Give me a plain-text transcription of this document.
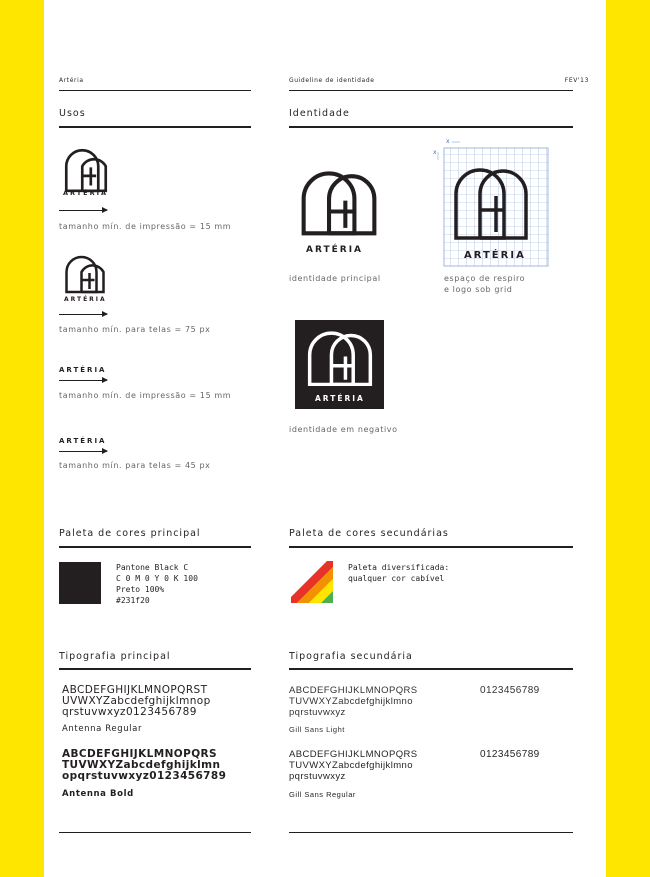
Artéria	Guideline de identidade	FEV'13
Usos
ARTÉRIA
tamanho mín. de impressão = 15 mm
ARTÉRIA
tamanho mín. para telas = 75 px
ARTÉRIA
tamanho mín. de impressão = 15 mm
ARTÉRIA
tamanho mín. para telas = 45 px
Identidade
ARTÉRIA
identidade principal
ARTÉRIA
x
x
espaço de respiro
e logo sob grid
ARTÉRIA
identidade em negativo
Paleta de cores principal
Pantone Black C
C 0 M 0 Y 0 K 100
Preto 100%
#231f20
Paleta de cores secundárias
Paleta diversificada:
qualquer cor cabível
Tipografia principal
ABCDEFGHIJKLMNOPQRST
UVWXYZabcdefghijklmnop
qrstuvwxyz0123456789
Antenna Regular
ABCDEFGHIJKLMNOPQRS
TUVWXYZabcdefghijklmn
opqrstuvwxyz0123456789
Antenna Bold
Tipografia secundária
ABCDEFGHIJKLMNOPQRS
TUVWXYZabcdefghijklmno
pqrstuvwxyz
0123456789
Gill Sans Light
ABCDEFGHIJKLMNOPQRS
TUVWXYZabcdefghijklmno
pqrstuvwxyz
0123456789
Gill Sans Regular
